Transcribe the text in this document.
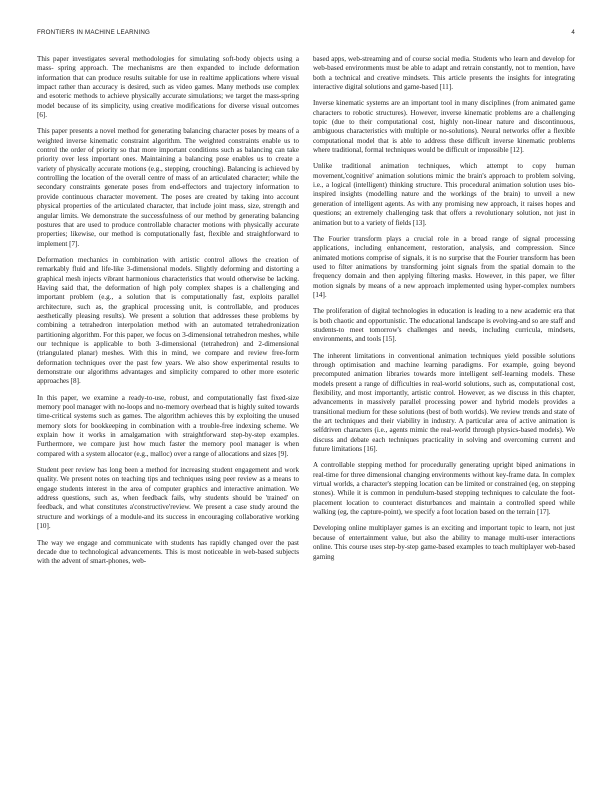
FRONTIERS IN MACHINE LEARNING	4

This paper investigates several methodologies for simulating soft-body objects using a mass- spring approach. The mechanisms are then expanded to include deformation information that can produce results suitable for use in realtime applications where visual impact rather than accuracy is desired, such as video games. Many methods use complex and esoteric methods to achieve physically accurate simulations; we target the mass-spring model because of its simplicity, using creative modifications for diverse visual outcomes [6].

This paper presents a novel method for generating balancing character poses by means of a weighted inverse kinematic constraint algorithm. The weighted constraints enable us to control the order of priority so that more important conditions such as balancing can take priority over less important ones. Maintaining a balancing pose enables us to create a variety of physically accurate motions (e.g., stepping, crouching). Balancing is achieved by controlling the location of the overall centre of mass of an articulated character; while the secondary constraints generate poses from end-effectors and trajectory information to provide continuous character movement. The poses are created by taking into account physical properties of the articulated character, that include joint mass, size, strength and angular limits. We demonstrate the successfulness of our method by generating balancing postures that are used to produce controllable character motions with physically accurate properties; likewise, our method is computationally fast, flexible and straightforward to implement [7].

Deformation mechanics in combination with artistic control allows the creation of remarkably fluid and life-like 3-dimensional models. Slightly deforming and distorting a graphical mesh injects vibrant harmonious characteristics that would otherwise be lacking. Having said that, the deformation of high poly complex shapes is a challenging and important problem (e.g., a solution that is computationally fast, exploits parallel architecture, such as, the graphical processing unit, is controllable, and produces aesthetically pleasing results). We present a solution that addresses these problems by combining a tetrahedron interpolation method with an automated tetrahedronization partitioning algorithm. For this paper, we focus on 3-dimensional tetrahedron meshes, while our technique is applicable to both 3-dimensional (tetrahedron) and 2-dimensional (triangulated planar) meshes. With this in mind, we compare and review free-form deformation techniques over the past few years. We also show experimental results to demonstrate our algorithms advantages and simplicity compared to other more esoteric approaches [8].

In this paper, we examine a ready-to-use, robust, and computationally fast fixed-size memory pool manager with no-loops and no-memory overhead that is highly suited towards time-critical systems such as games. The algorithm achieves this by exploiting the unused memory slots for bookkeeping in combination with a trouble-free indexing scheme. We explain how it works in amalgamation with straightforward step-by-step examples. Furthermore, we compare just how much faster the memory pool manager is when compared with a system allocator (e.g., malloc) over a range of allocations and sizes [9].

Student peer review has long been a method for increasing student engagement and work quality. We present notes on teaching tips and techniques using peer review as a means to engage students interest in the area of computer graphics and interactive animation. We address questions, such as, when feedback fails, why students should be 'trained' on feedback, and what constitutes a'constructive'review. We present a case study around the structure and workings of a module-and its success in encouraging collaborative working [10].

The way we engage and communicate with students has rapidly changed over the past decade due to technological advancements. This is most noticeable in web-based subjects with the advent of smart-phones, web-

based apps, web-streaming and of course social media. Students who learn and develop for web-based environments must be able to adapt and retrain constantly, not to mention, have both a technical and creative mindsets. This article presents the insights for integrating interactive digital solutions and game-based [11].

Inverse kinematic systems are an important tool in many disciplines (from animated game characters to robotic structures). However, inverse kinematic problems are a challenging topic (due to their computational cost, highly non-linear nature and discontinuous, ambiguous characteristics with multiple or no-solutions). Neural networks offer a flexible computational model that is able to address these difficult inverse kinematic problems where traditional, formal techniques would be difficult or impossible [12].

Unlike traditional animation techniques, which attempt to copy human movement,'cognitive' animation solutions mimic the brain's approach to problem solving, i.e., a logical (intelligent) thinking structure. This procedural animation solution uses bio-inspired insights (modelling nature and the workings of the brain) to unveil a new generation of intelligent agents. As with any promising new approach, it raises hopes and questions; an extremely challenging task that offers a revolutionary solution, not just in animation but to a variety of fields [13].

The Fourier transform plays a crucial role in a broad range of signal processing applications, including enhancement, restoration, analysis, and compression. Since animated motions comprise of signals, it is no surprise that the Fourier transform has been used to filter animations by transforming joint signals from the spatial domain to the frequency domain and then applying filtering masks. However, in this paper, we filter motion signals by means of a new approach implemented using hyper-complex numbers [14].

The proliferation of digital technologies in education is leading to a new academic era that is both chaotic and opportunistic. The educational landscape is evolving-and so are staff and students-to meet tomorrow's challenges and needs, including curricula, mindsets, environments, and tools [15].

The inherent limitations in conventional animation techniques yield possible solutions through optimisation and machine learning paradigms. For example, going beyond precomputed animation libraries towards more intelligent self-learning models. These models present a range of difficulties in real-world solutions, such as, computational cost, flexibility, and most importantly, artistic control. However, as we discuss in this chapter, advancements in massively parallel processing power and hybrid models provides a transitional medium for these solutions (best of both worlds). We review trends and state of the art techniques and their viability in industry. A particular area of active animation is selfdriven characters (i.e., agents mimic the real-world through physics-based models). We discuss and debate each techniques practicality in solving and overcoming current and future limitations [16].

A controllable stepping method for procedurally generating upright biped animations in real-time for three dimensional changing environments without key-frame data. In complex virtual worlds, a character's stepping location can be limited or constrained (eg, on stepping stones). While it is common in pendulum-based stepping techniques to calculate the foot-placement location to counteract disturbances and maintain a controlled speed while walking (eg, the capture-point), we specify a foot location based on the terrain [17].

Developing online multiplayer games is an exciting and important topic to learn, not just because of entertainment value, but also the ability to manage multi-user interactions online. This course uses step-by-step game-based examples to teach multiplayer web-based gaming
